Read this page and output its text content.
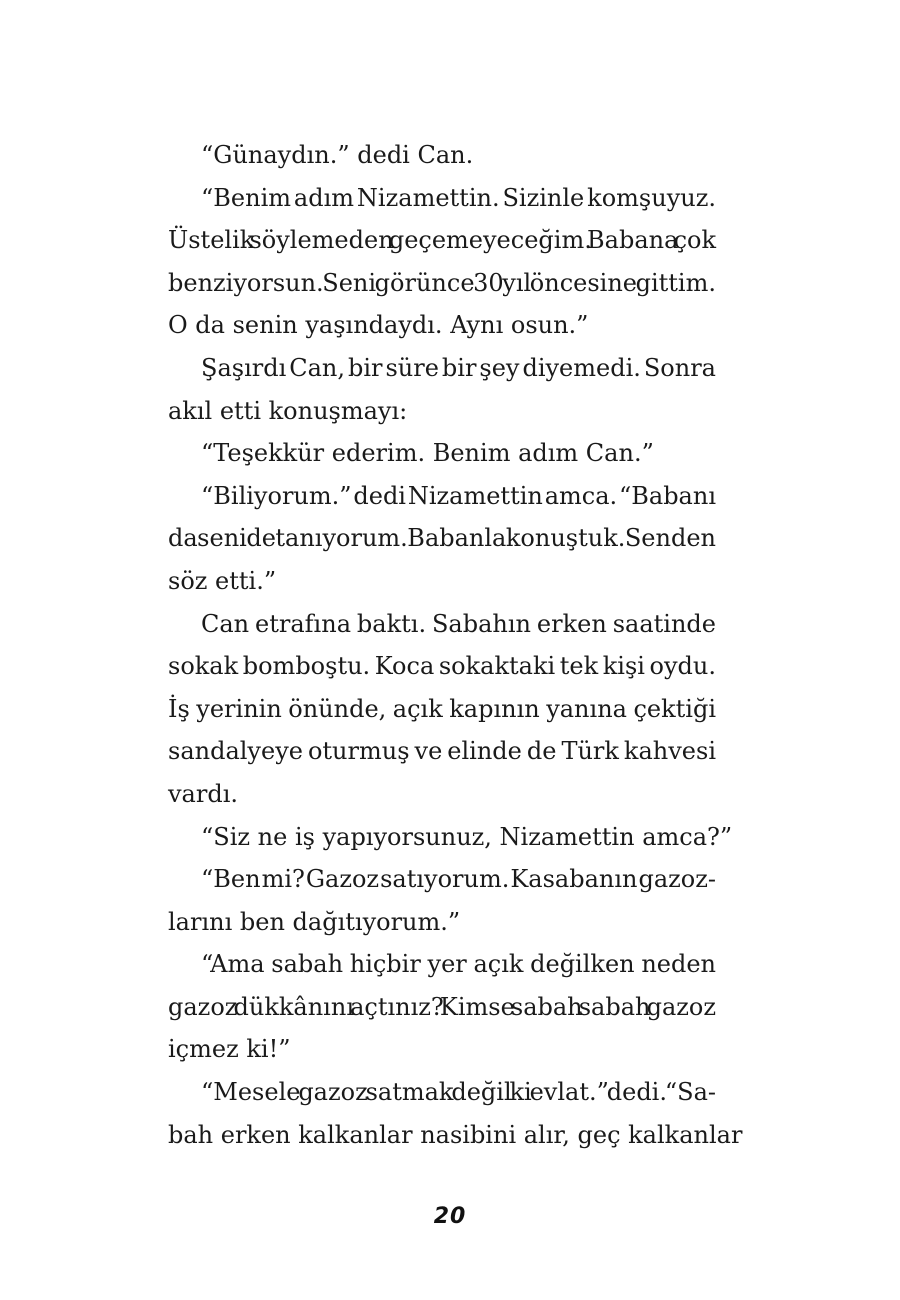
“Günaydın.” dedi Can.
“Benim adım Nizamettin. Sizinle komşuyuz.
Üstelik söylemeden geçemeyeceğim. Babana çok
benziyorsun. Seni görünce 30 yıl öncesine gittim.
O da senin yaşındaydı. Aynı osun.”
Şaşırdı Can, bir süre bir şey diyemedi. Sonra
akıl etti konuşmayı:
“Teşekkür ederim. Benim adım Can.”
“Biliyorum.” dedi Nizamettin amca. “Babanı
da seni de tanıyorum. Babanla konuştuk. Senden
söz etti.”
Can etrafına baktı. Sabahın erken saatinde
sokak bomboştu. Koca sokaktaki tek kişi oydu.
İş yerinin önünde, açık kapının yanına çektiği
sandalyeye oturmuş ve elinde de Türk kahvesi
vardı.
“Siz ne iş yapıyorsunuz, Nizamettin amca?”
“Ben mi? Gazoz satıyorum. Kasabanın gazoz-
larını ben dağıtıyorum.”
“Ama sabah hiçbir yer açık değilken neden
gazoz dükkânını açtınız? Kimse sabah sabah gazoz
içmez ki!”
“Mesele gazoz satmak değil ki evlat.” dedi. “Sa-
bah erken kalkanlar nasibini alır, geç kalkanlar
20
